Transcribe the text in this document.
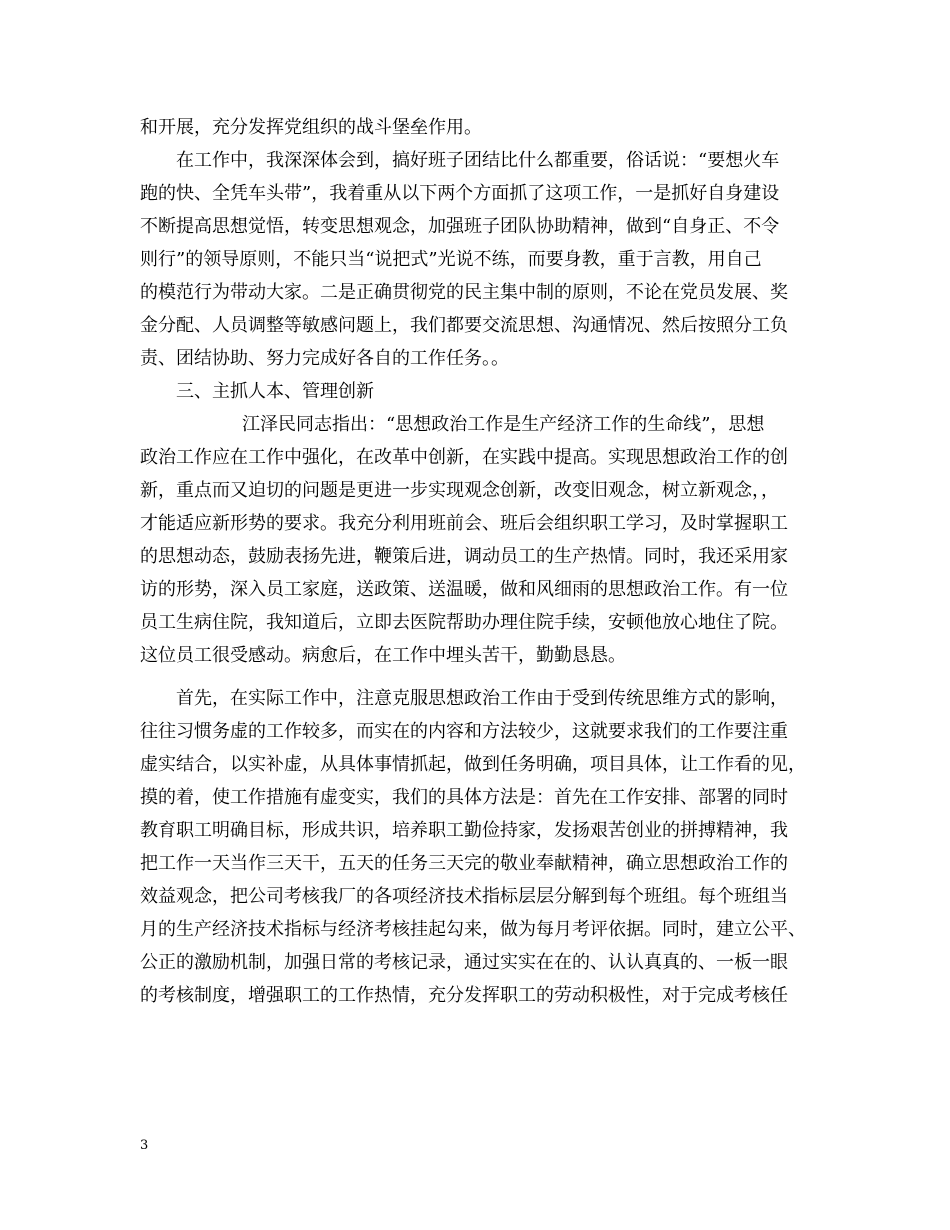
和开展，充分发挥党组织的战斗堡垒作用。
在工作中，我深深体会到，搞好班子团结比什么都重要，俗话说：“要想火车
跑的快、全凭车头带”，我着重从以下两个方面抓了这项工作，一是抓好自身建设
不断提高思想觉悟，转变思想观念，加强班子团队协助精神，做到“自身正、不令
则行”的领导原则，不能只当“说把式”光说不练，而要身教，重于言教，用自己
的模范行为带动大家。二是正确贯彻党的民主集中制的原则，不论在党员发展、奖
金分配、人员调整等敏感问题上，我们都要交流思想、沟通情况、然后按照分工负
责、团结协助、努力完成好各自的工作任务。。
三、主抓人本、管理创新
江泽民同志指出：“思想政治工作是生产经济工作的生命线”，思想
政治工作应在工作中强化，在改革中创新，在实践中提高。实现思想政治工作的创
新，重点而又迫切的问题是更进一步实现观念创新，改变旧观念，树立新观念，，
才能适应新形势的要求。我充分利用班前会、班后会组织职工学习，及时掌握职工
的思想动态，鼓励表扬先进，鞭策后进，调动员工的生产热情。同时，我还采用家
访的形势，深入员工家庭，送政策、送温暖，做和风细雨的思想政治工作。有一位
员工生病住院，我知道后，立即去医院帮助办理住院手续，安顿他放心地住了院。
这位员工很受感动。病愈后，在工作中埋头苦干，勤勤恳恳。
首先，在实际工作中，注意克服思想政治工作由于受到传统思维方式的影响，
往往习惯务虚的工作较多，而实在的内容和方法较少，这就要求我们的工作要注重
虚实结合，以实补虚，从具体事情抓起，做到任务明确，项目具体，让工作看的见，
摸的着，使工作措施有虚变实，我们的具体方法是：首先在工作安排、部署的同时
教育职工明确目标，形成共识，培养职工勤俭持家，发扬艰苦创业的拼搏精神，我
把工作一天当作三天干，五天的任务三天完的敬业奉献精神，确立思想政治工作的
效益观念，把公司考核我厂的各项经济技术指标层层分解到每个班组。每个班组当
月的生产经济技术指标与经济考核挂起勾来，做为每月考评依据。同时，建立公平、
公正的激励机制，加强日常的考核记录，通过实实在在的、认认真真的、一板一眼
的考核制度，增强职工的工作热情，充分发挥职工的劳动积极性，对于完成考核任
3
